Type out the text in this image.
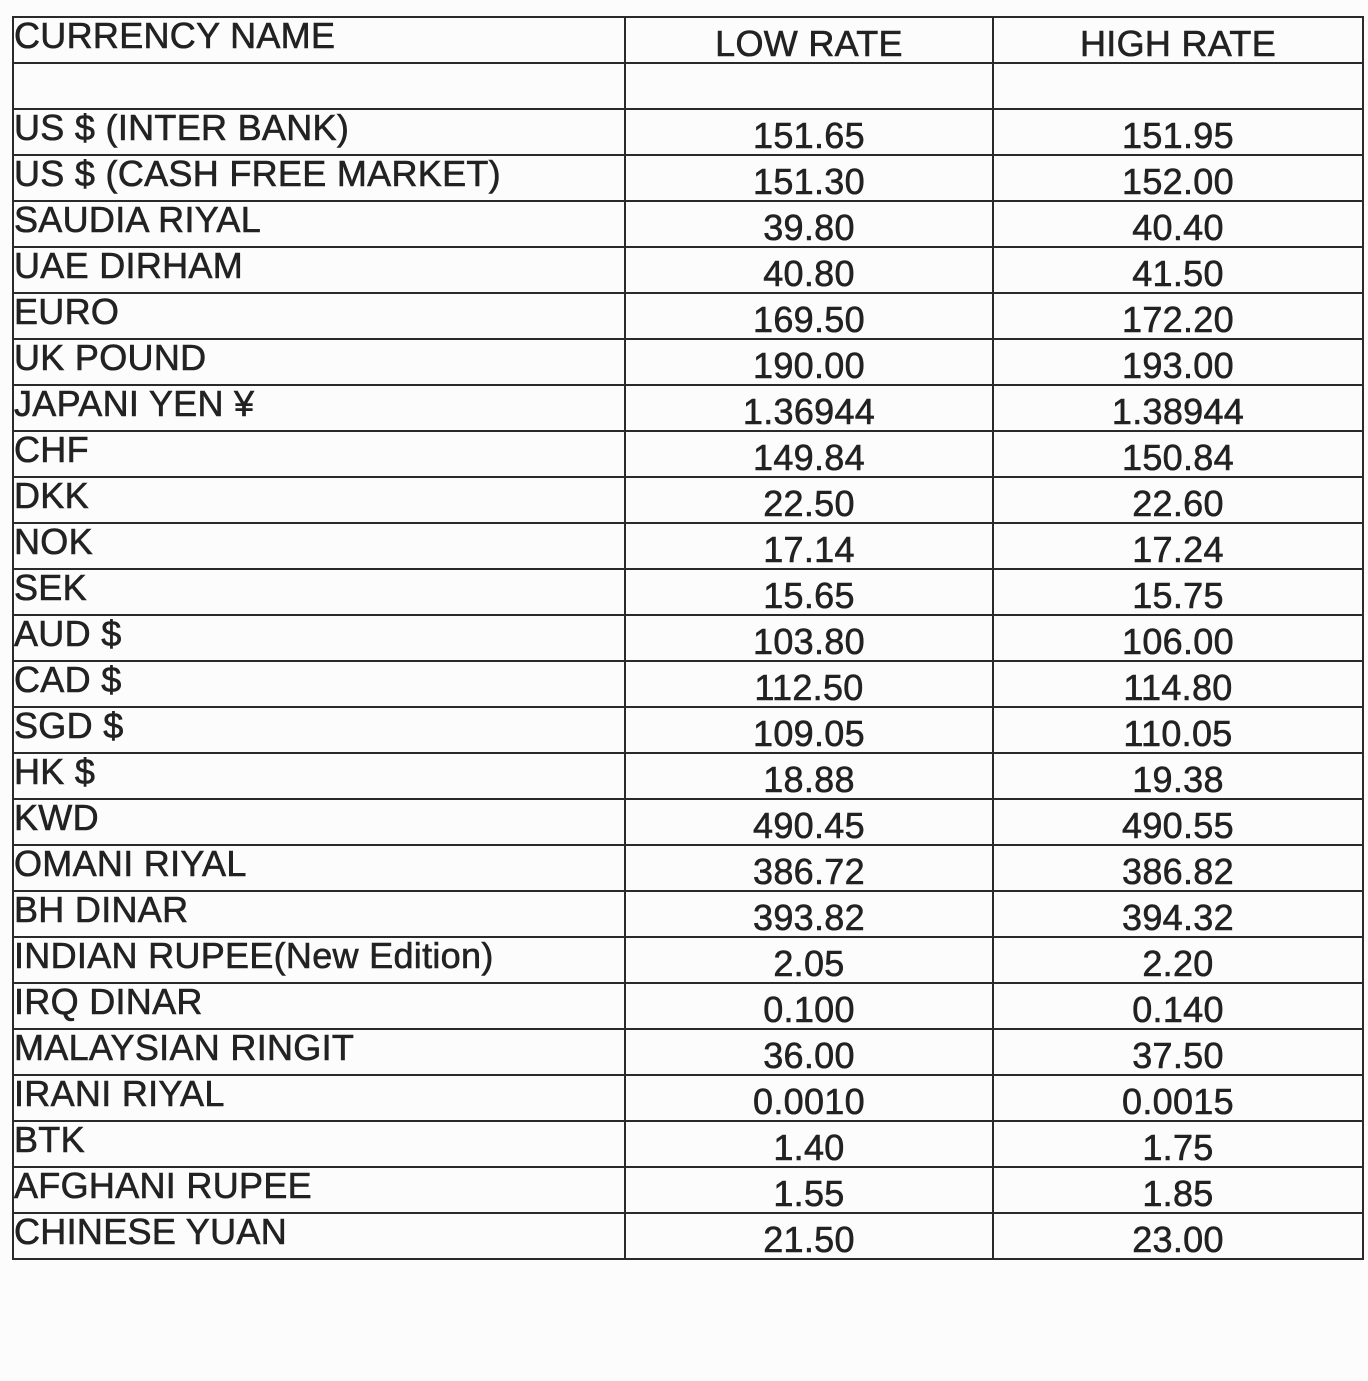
CURRENCY NAME	LOW RATE	HIGH RATE

US $ (INTER BANK)	151.65	151.95
US $ (CASH FREE MARKET)	151.30	152.00
SAUDIA RIYAL	39.80	40.40
UAE DIRHAM	40.80	41.50
EURO	169.50	172.20
UK POUND	190.00	193.00
JAPANI YEN ¥	1.36944	1.38944
CHF	149.84	150.84
DKK	22.50	22.60
NOK	17.14	17.24
SEK	15.65	15.75
AUD $	103.80	106.00
CAD $	112.50	114.80
SGD $	109.05	110.05
HK $	18.88	19.38
KWD	490.45	490.55
OMANI RIYAL	386.72	386.82
BH DINAR	393.82	394.32
INDIAN RUPEE(New Edition)	2.05	2.20
IRQ DINAR	0.100	0.140
MALAYSIAN RINGIT	36.00	37.50
IRANI RIYAL	0.0010	0.0015
BTK	1.40	1.75
AFGHANI RUPEE	1.55	1.85
CHINESE YUAN	21.50	23.00
